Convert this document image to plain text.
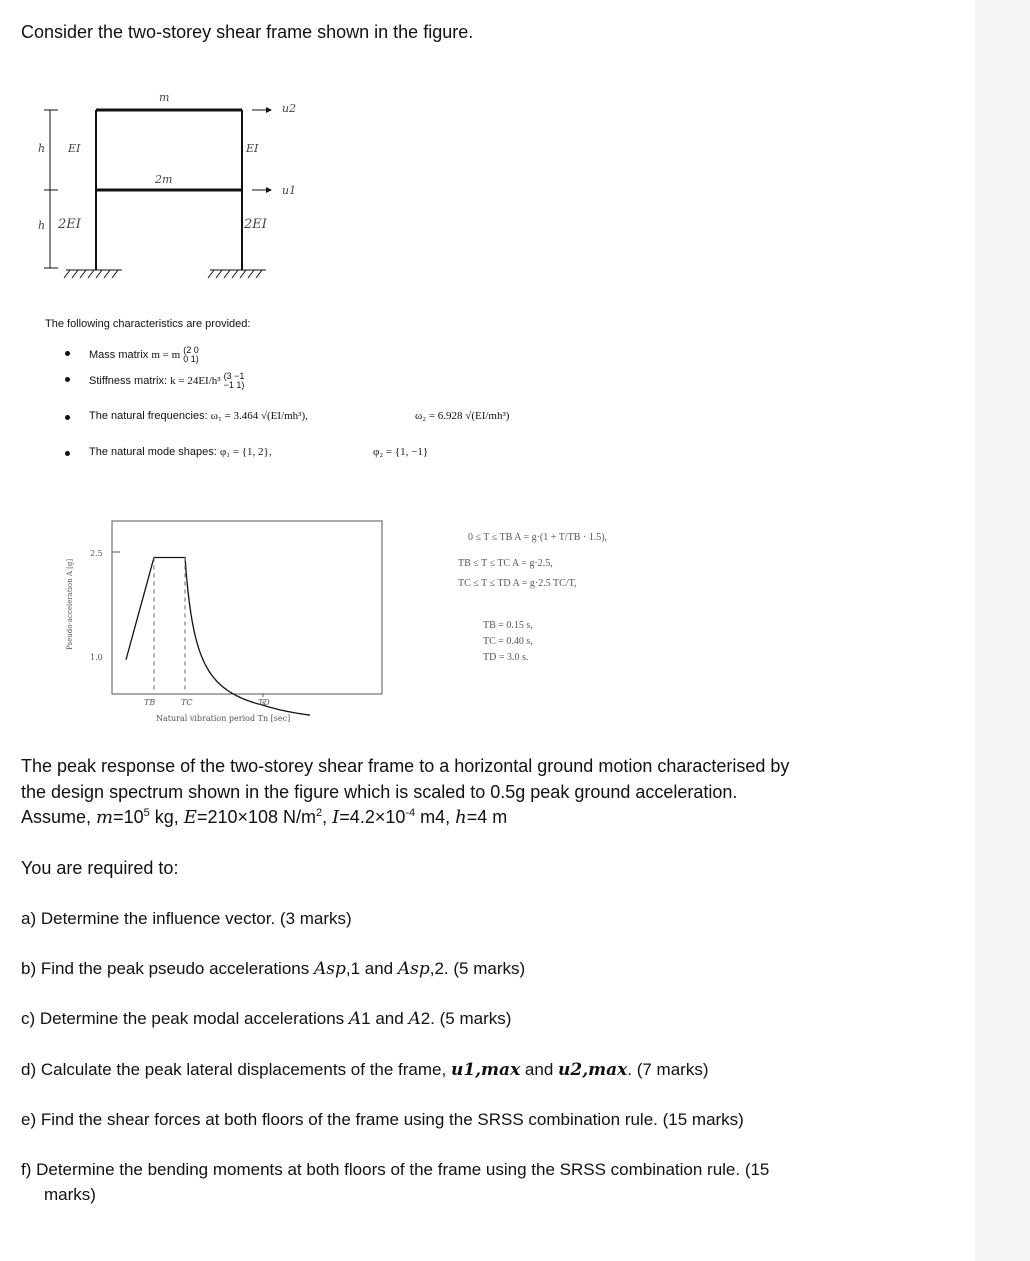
Consider the two-storey shear frame shown in the figure.
m
u2
h EI	EI
2m
u1
h 2EI	2EI
The following characteristics are provided:
Mass matrix m = m (2 0
0 1)
Stiffness matrix: k = 24EI/h³ (3 −1
−1 1)
The natural frequencies: ω₁ = 3.464 √(EI/mh³),	ω₂ = 6.928 √(EI/mh³)
The natural mode shapes: φ₁ = {1, 2},	φ₂ = {1, −1}
2.5
1.0
TB	TC	TD
Natural vibration period Tn [sec]
Pseudo-acceleration A [g]
0 ≤ T ≤ TB A = g·(1 + T/TB · 1.5),
TB ≤ T ≤ TC A = g·2.5,
TC ≤ T ≤ TD A = g·2.5 TC/T,
TB = 0.15 s,
TC = 0.40 s,
TD = 3.0 s.
The peak response of the two-storey shear frame to a horizontal ground motion characterised by
the design spectrum shown in the figure which is scaled to 0.5g peak ground acceleration.
Assume, $m=10^5$ kg, E=210×108 $N/m^2$, $I=4.2\times 10^{-4}$ m4, h=4 m
You are required to:
a) Determine the influence vector. (3 marks)
b) Find the peak pseudo accelerations Asp,1 and Asp,2. (5 marks)
c) Determine the peak modal accelerations A1 and A2. (5 marks)
d) Calculate the peak lateral displacements of the frame, u1,max and u2,max. (7 marks)
e) Find the shear forces at both floors of the frame using the SRSS combination rule. (15 marks)
f) Determine the bending moments at both floors of the frame using the SRSS combination rule. (15
marks)
